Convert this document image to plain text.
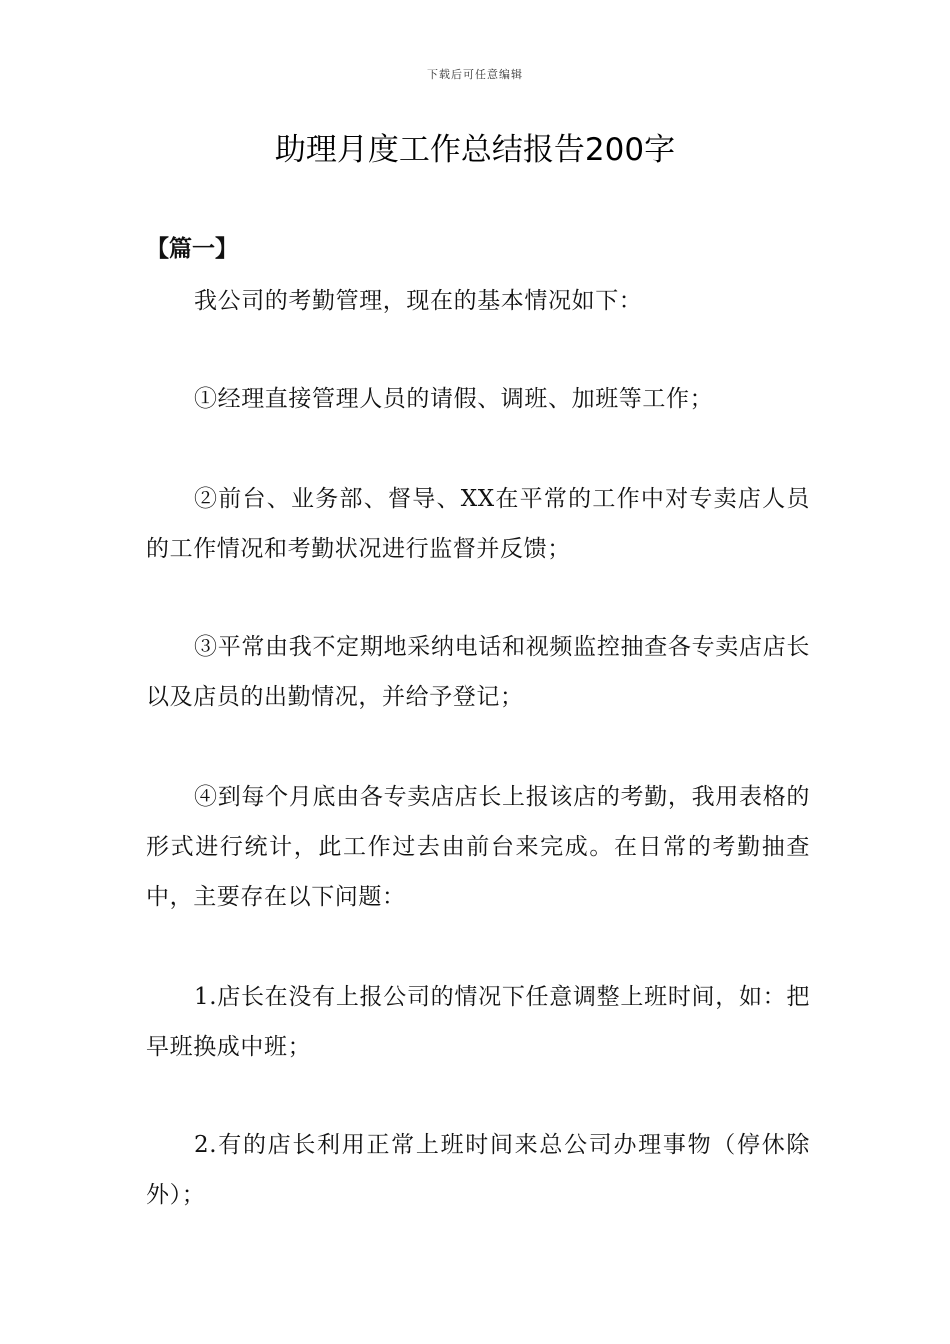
下载后可任意编辑
助理月度工作总结报告200字
【篇一】

我公司的考勤管理，现在的基本情况如下：

①经理直接管理人员的请假、调班、加班等工作；

②前台、业务部、督导、XX在平常的工作中对专卖店人员的工作情况和考勤状况进行监督并反馈；

③平常由我不定期地采纳电话和视频监控抽查各专卖店店长以及店员的出勤情况，并给予登记；

④到每个月底由各专卖店店长上报该店的考勤，我用表格的形式进行统计，此工作过去由前台来完成。在日常的考勤抽查中，主要存在以下问题：

1.店长在没有上报公司的情况下任意调整上班时间，如：把早班换成中班；

2.有的店长利用正常上班时间来总公司办理事物（停休除外）；
